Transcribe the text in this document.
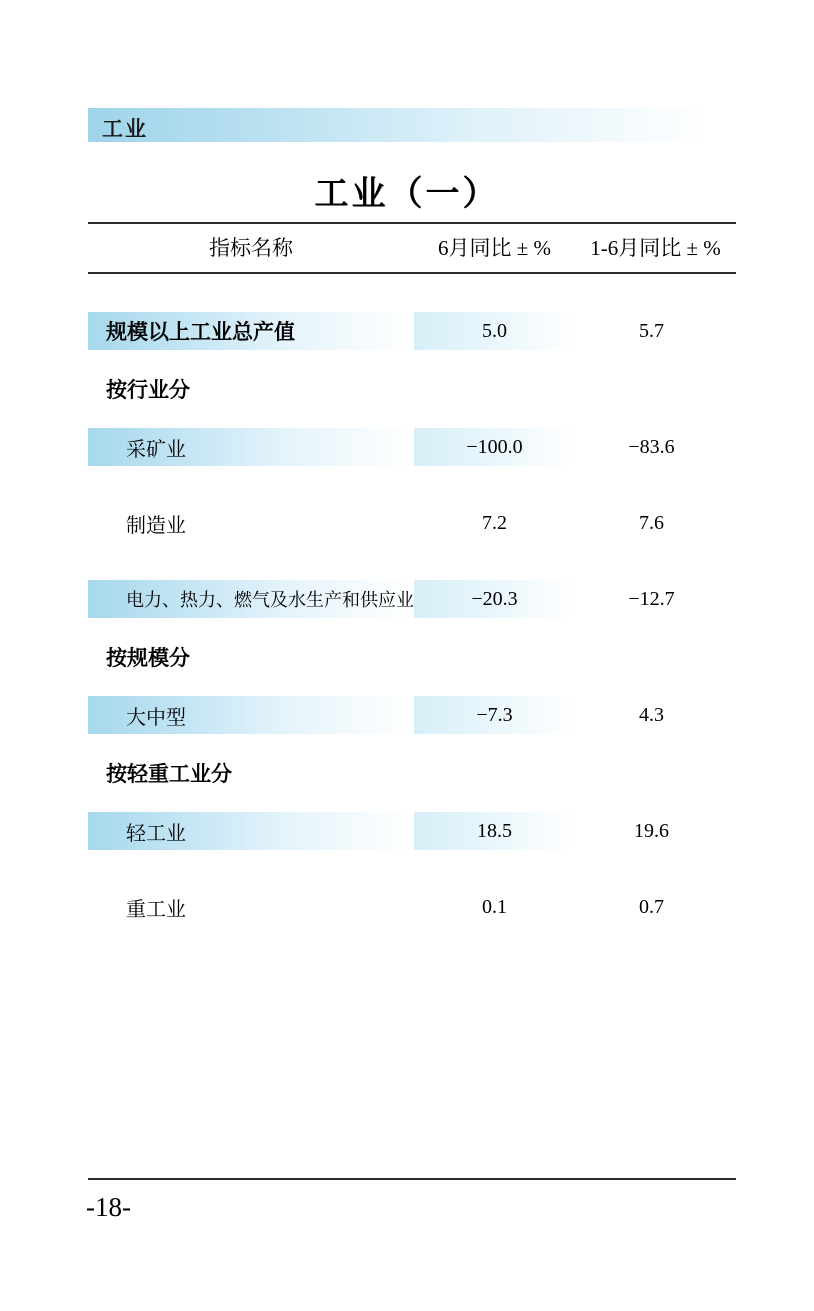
工业
工业（一）
指标名称	6月同比 ± %	1-6月同比 ± %

规模以上工业总产值	5.0	5.7

按行业分		

采矿业	−100.0	−83.6

制造业	7.2	7.6

电力、热力、燃气及水生产和供应业	−20.3	−12.7

按规模分		

大中型	−7.3	4.3

按轻重工业分		

轻工业	18.5	19.6

重工业	0.1	0.7
-18-
